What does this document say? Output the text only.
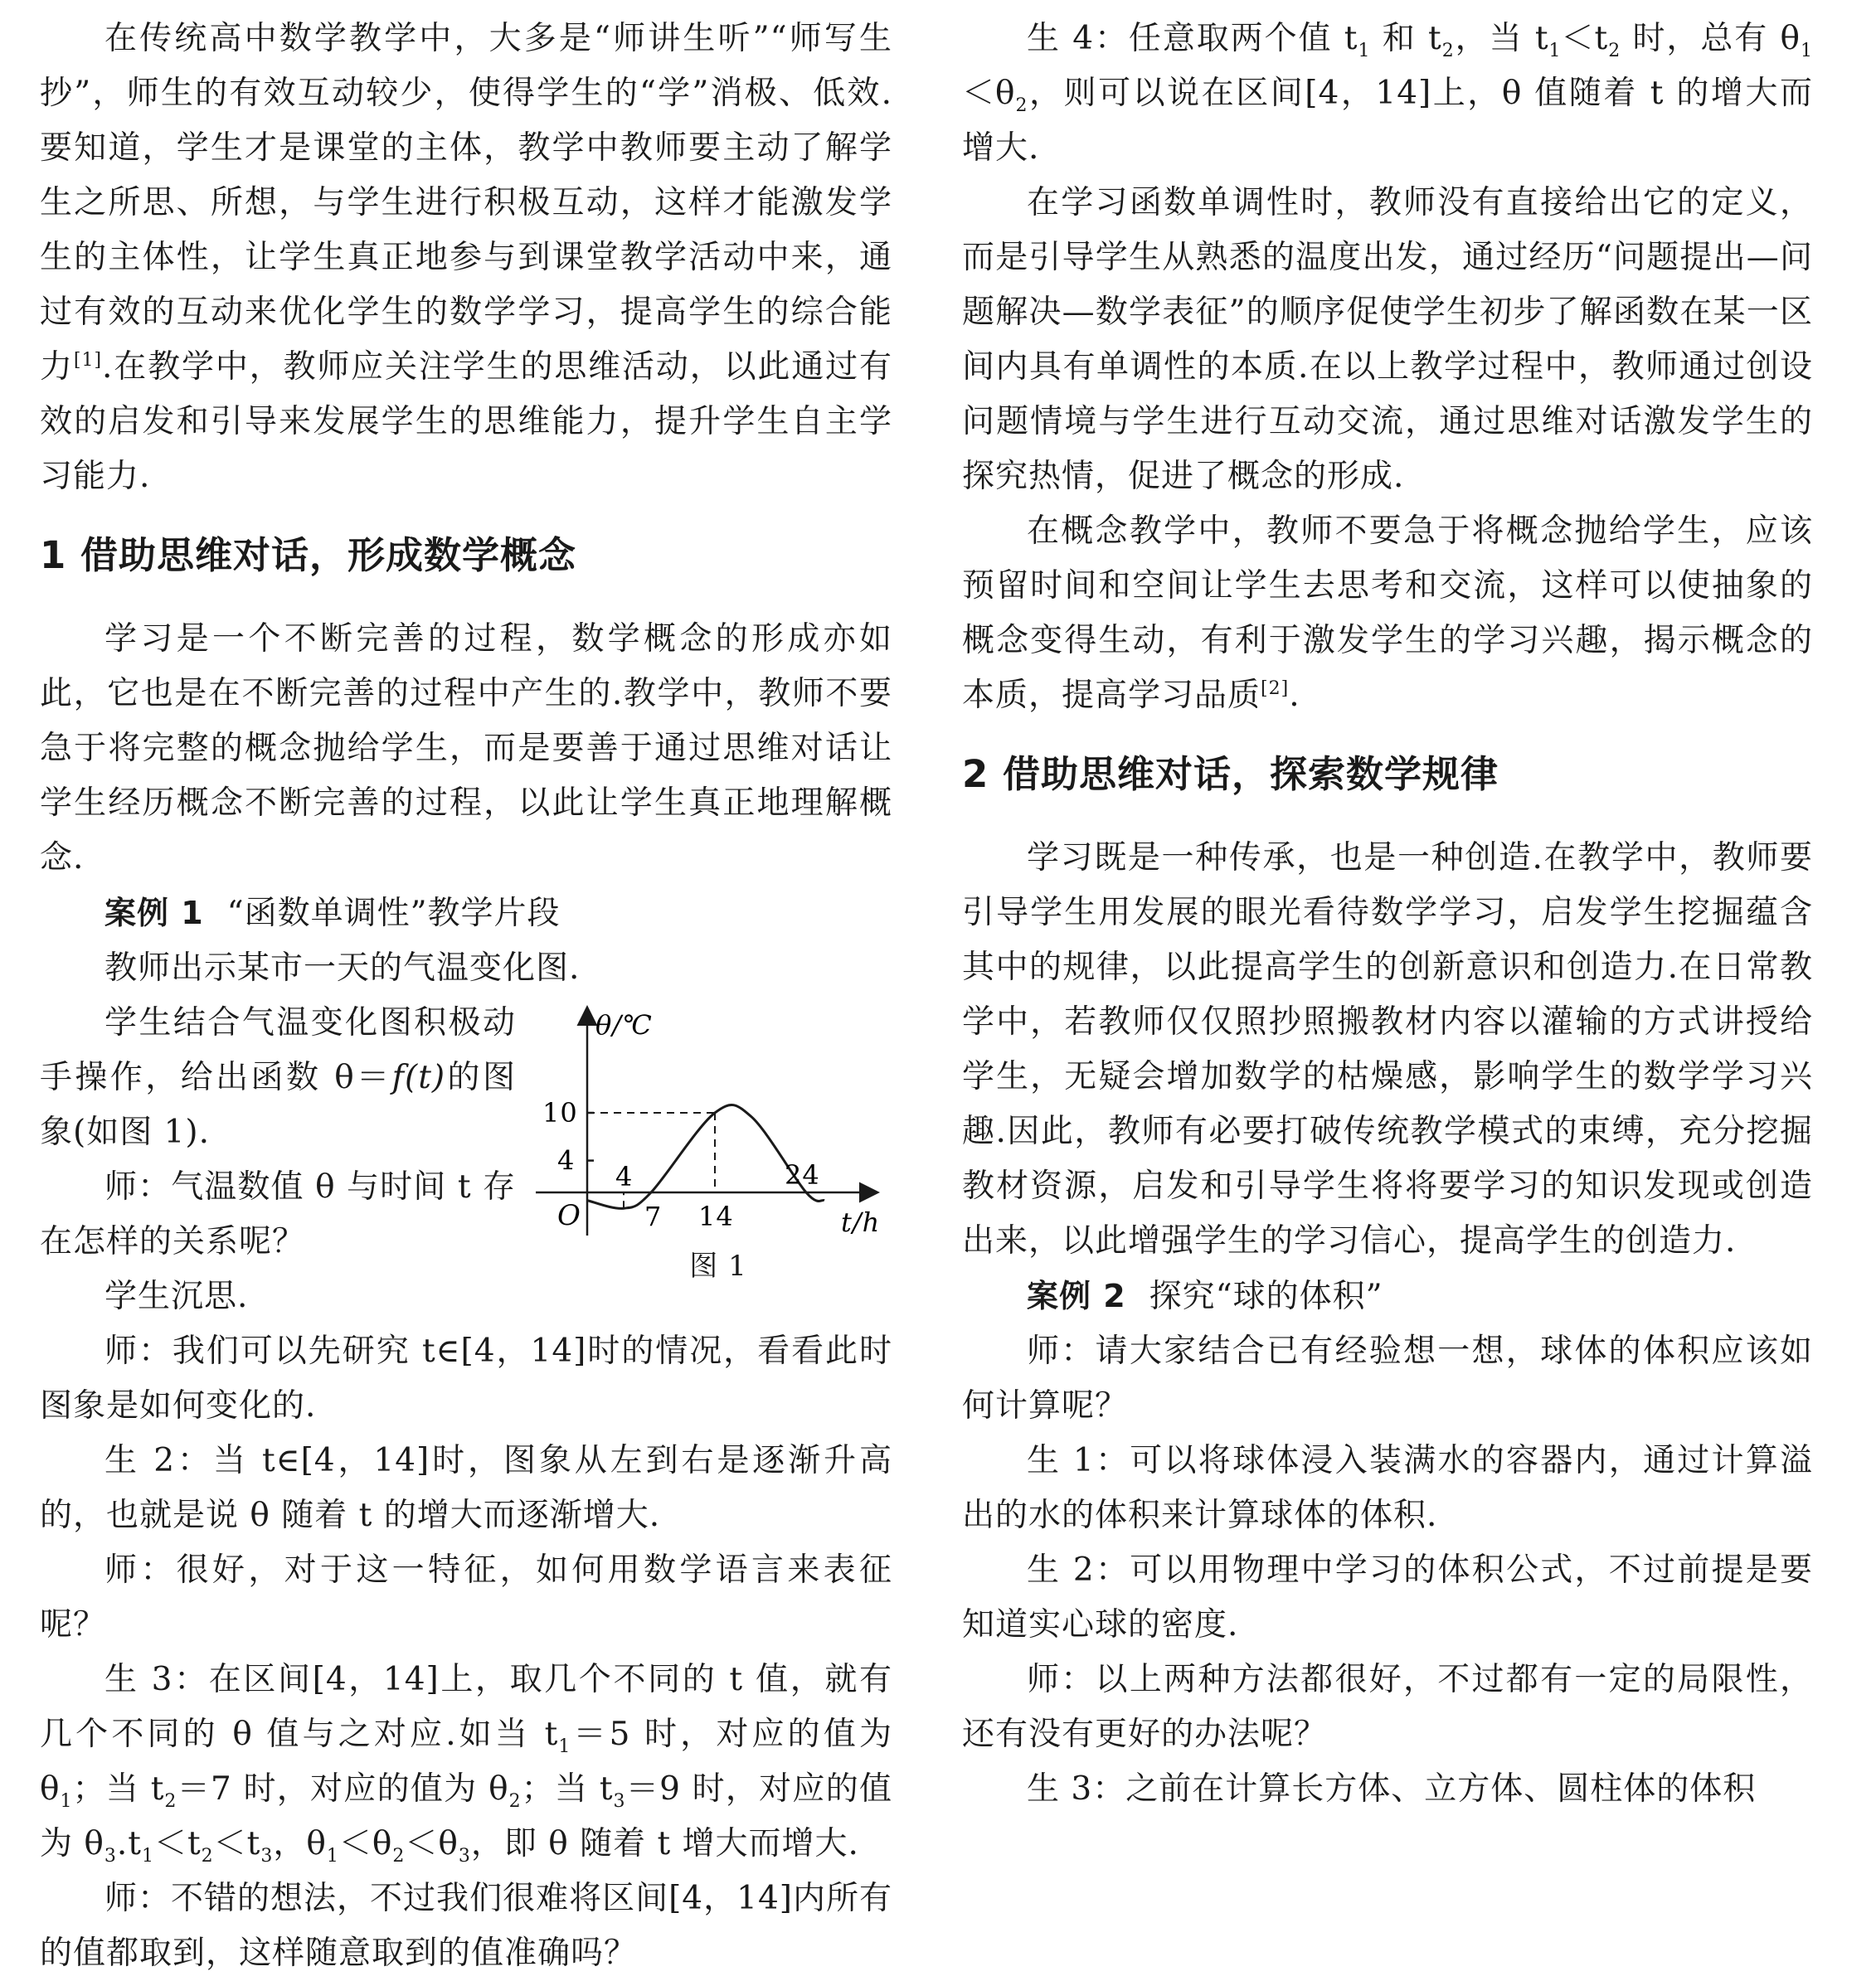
在传统高中数学教学中，大多是“师讲生听”“师写生抄”，师生的有效互动较少，使得学生的“学”消极、低效.要知道，学生才是课堂的主体，教学中教师要主动了解学生之所思、所想，与学生进行积极互动，这样才能激发学生的主体性，让学生真正地参与到课堂教学活动中来，通过有效的互动来优化学生的数学学习，提高学生的综合能力[1].在教学中，教师应关注学生的思维活动，以此通过有效的启发和引导来发展学生的思维能力，提升学生自主学习能力.

1 借助思维对话，形成数学概念

学习是一个不断完善的过程，数学概念的形成亦如此，它也是在不断完善的过程中产生的.教学中，教师不要急于将完整的概念抛给学生，而是要善于通过思维对话让学生经历概念不断完善的过程，以此让学生真正地理解概念.

案例 1 “函数单调性”教学片段

教师出示某市一天的气温变化图.

θ/℃
t/h
O
10
4
4
7 14
24
图 1

学生结合气温变化图积极动手操作，给出函数 θ＝f(t)的图象(如图 1).

师：气温数值 θ 与时间 t 存在怎样的关系呢？

学生沉思.

师：我们可以先研究 t∈[4，14]时的情况，看看此时图象是如何变化的.

生 2：当 t∈[4，14]时，图象从左到右是逐渐升高的，也就是说 θ 随着 t 的增大而逐渐增大.

师：很好，对于这一特征，如何用数学语言来表征呢？

生 3：在区间[4，14]上，取几个不同的 t 值，就有几个不同的 θ 值与之对应.如当 $t_1=5$ 时，对应的值为 $\theta_1$；当 $t_2=7$ 时，对应的值为 $\theta_2$；当 $t_3=9$ 时，对应的值为 $\theta_3.t_1<t_2<t_3$，$\theta_1<\theta_2<\theta_3$，即 θ 随着 t 增大而增大.

师：不错的想法，不过我们很难将区间[4，14]内所有的值都取到，这样随意取到的值准确吗？

生 4：任意取两个值 $t_1$ 和 $t_2$，当 $t_1<t_2$ 时，总有 $\theta_1<\theta_2$，则可以说在区间[4，14]上，θ 值随着 t 的增大而增大.

在学习函数单调性时，教师没有直接给出它的定义，而是引导学生从熟悉的温度出发，通过经历“问题提出—问题解决—数学表征”的顺序促使学生初步了解函数在某一区间内具有单调性的本质.在以上教学过程中，教师通过创设问题情境与学生进行互动交流，通过思维对话激发学生的探究热情，促进了概念的形成.

在概念教学中，教师不要急于将概念抛给学生，应该预留时间和空间让学生去思考和交流，这样可以使抽象的概念变得生动，有利于激发学生的学习兴趣，揭示概念的本质，提高学习品质[2].

2 借助思维对话，探索数学规律

学习既是一种传承，也是一种创造.在教学中，教师要引导学生用发展的眼光看待数学学习，启发学生挖掘蕴含其中的规律，以此提高学生的创新意识和创造力.在日常教学中，若教师仅仅照抄照搬教材内容以灌输的方式讲授给学生，无疑会增加数学的枯燥感，影响学生的数学学习兴趣.因此，教师有必要打破传统教学模式的束缚，充分挖掘教材资源，启发和引导学生将将要学习的知识发现或创造出来，以此增强学生的学习信心，提高学生的创造力.

案例 2 探究“球的体积”

师：请大家结合已有经验想一想，球体的体积应该如何计算呢？

生 1：可以将球体浸入装满水的容器内，通过计算溢出的水的体积来计算球体的体积.

生 2：可以用物理中学习的体积公式，不过前提是要知道实心球的密度.

师：以上两种方法都很好，不过都有一定的局限性，还有没有更好的办法呢？

生 3：之前在计算长方体、立方体、圆柱体的体积
